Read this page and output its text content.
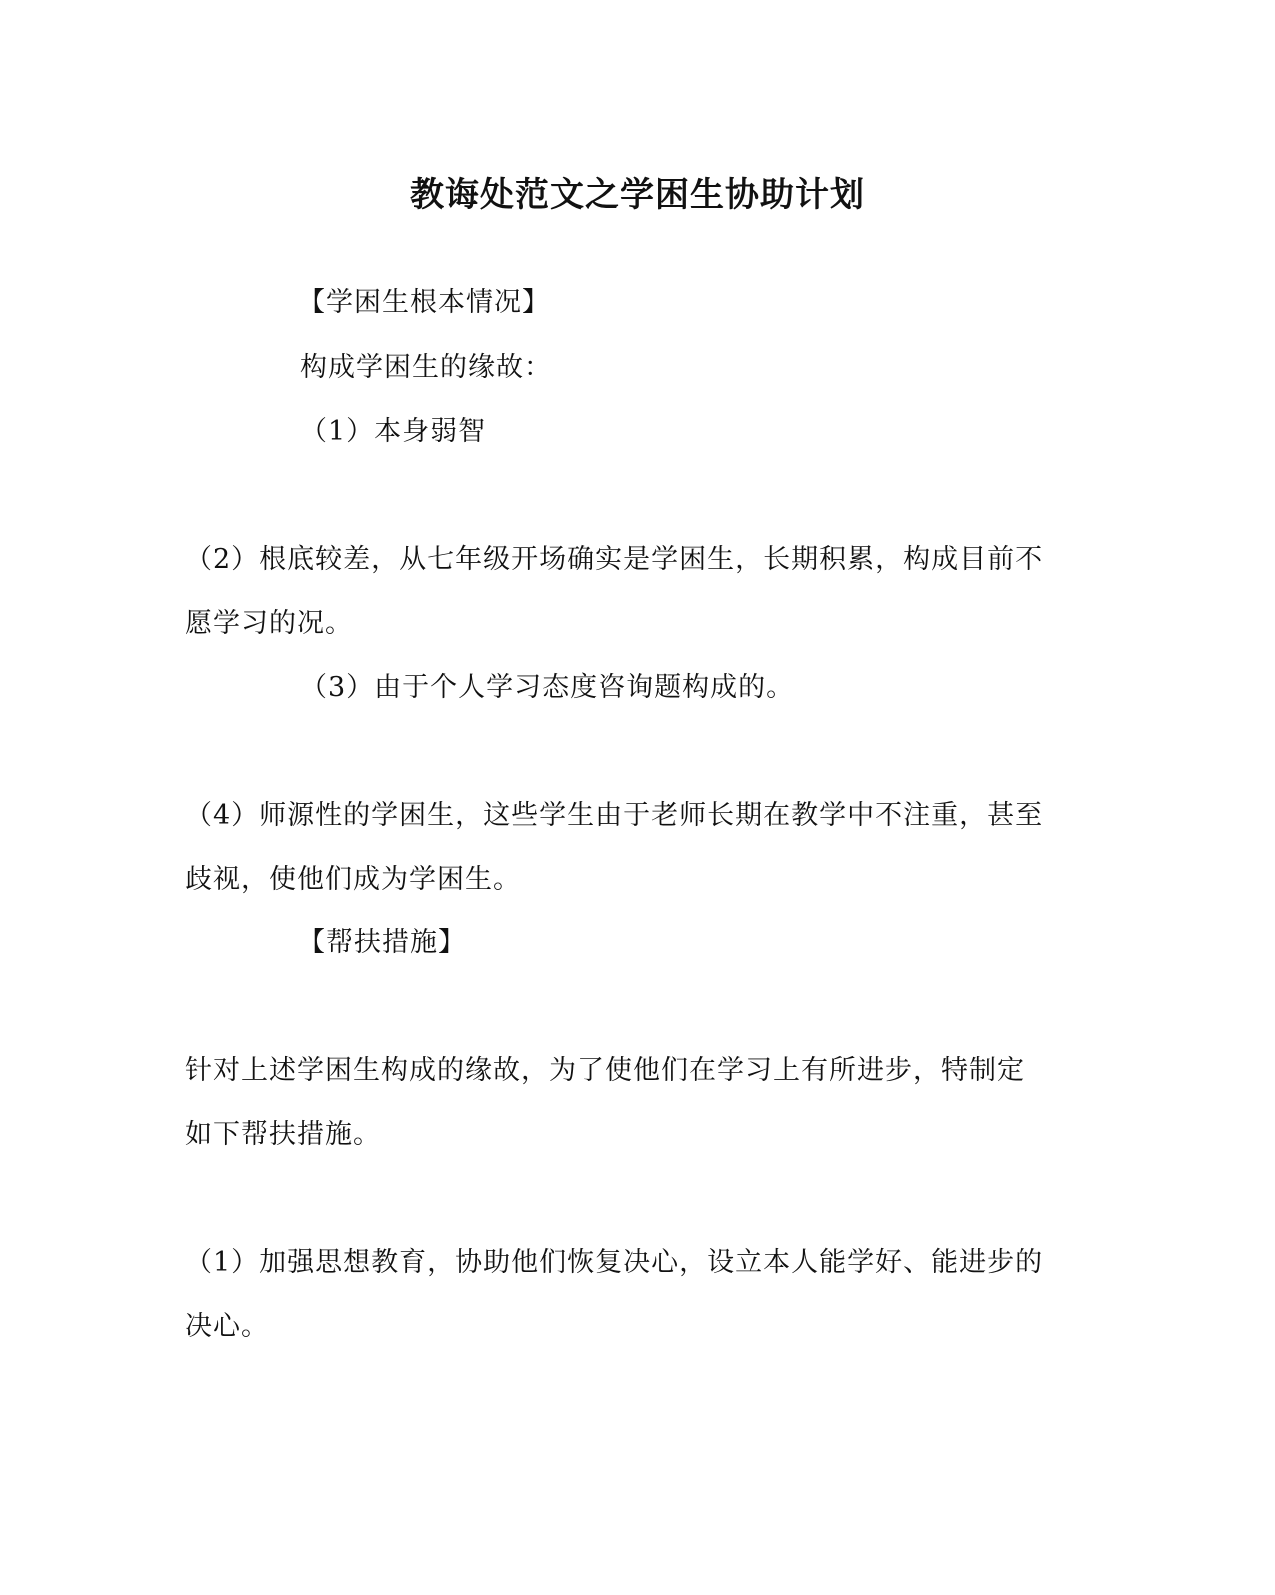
教诲处范文之学困生协助计划

【学困生根本情况】

构成学困生的缘故：

（1）本身弱智

（2）根底较差，从七年级开场确实是学困生，长期积累，构成目前不

愿学习的况。

（3）由于个人学习态度咨询题构成的。

（4）师源性的学困生，这些学生由于老师长期在教学中不注重，甚至

歧视，使他们成为学困生。

【帮扶措施】

针对上述学困生构成的缘故，为了使他们在学习上有所进步，特制定

如下帮扶措施。

（1）加强思想教育，协助他们恢复决心，设立本人能学好、能进步的

决心。
